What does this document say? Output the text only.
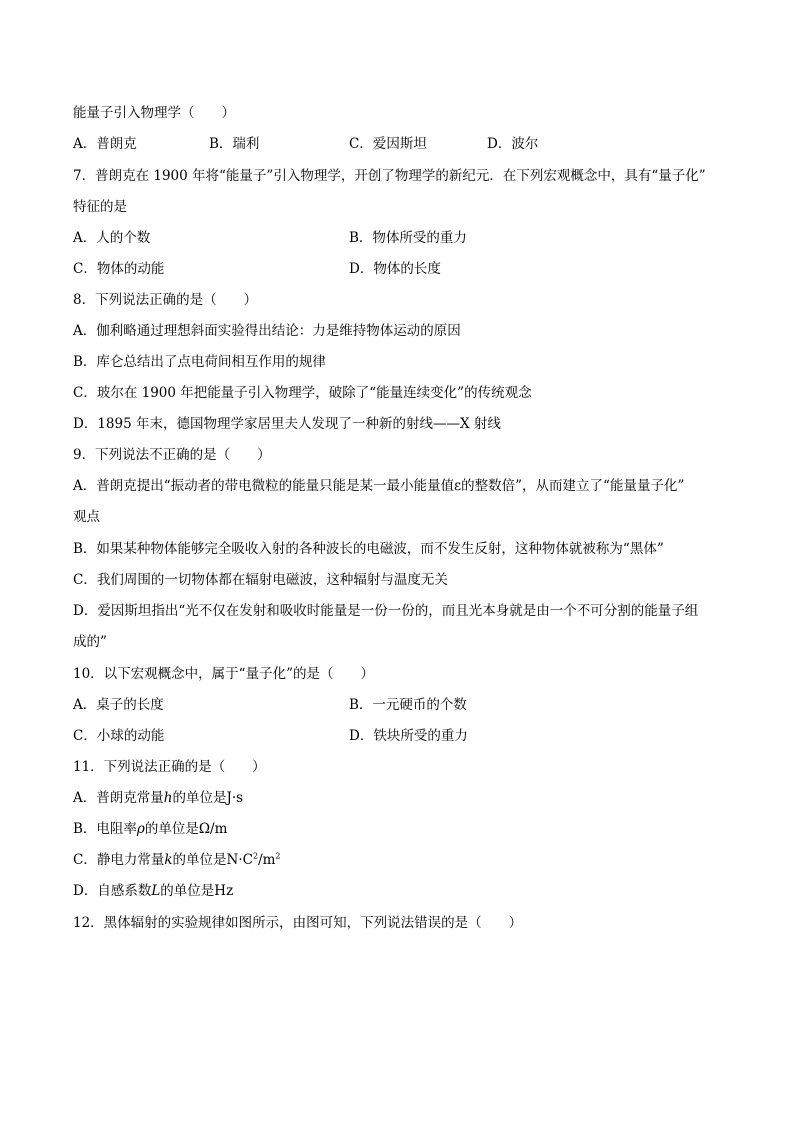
能量子引入物理学（　　）
A．普朗克	B．瑞利	C．爱因斯坦	D．波尔
7．普朗克在 1900 年将“能量子”引入物理学，开创了物理学的新纪元．在下列宏观概念中，具有“量子化”
特征的是
A．人的个数	B．物体所受的重力
C．物体的动能	D．物体的长度
8．下列说法正确的是（　　）
A．伽利略通过理想斜面实验得出结论：力是维持物体运动的原因
B．库仑总结出了点电荷间相互作用的规律
C．玻尔在 1900 年把能量子引入物理学，破除了“能量连续变化”的传统观念
D．1895 年末，德国物理学家居里夫人发现了一种新的射线——X 射线
9．下列说法不正确的是（　　）
A．普朗克提出“振动者的带电微粒的能量只能是某一最小能量值ε的整数倍”，从而建立了“能量量子化”
观点
B．如果某种物体能够完全吸收入射的各种波长的电磁波，而不发生反射，这种物体就被称为“黑体”
C．我们周围的一切物体都在辐射电磁波，这种辐射与温度无关
D．爱因斯坦指出“光不仅在发射和吸收时能量是一份一份的，而且光本身就是由一个不可分割的能量子组
成的”
10．以下宏观概念中，属于“量子化”的是（　　）
A．桌子的长度	B．一元硬币的个数
C．小球的动能	D．铁块所受的重力
11．下列说法正确的是（　　）
A．普朗克常量h的单位是J·s
B．电阻率ρ的单位是Ω/m
C．静电力常量k的单位是$N\cdot C^2/m^2$
D．自感系数L的单位是Hz
12．黑体辐射的实验规律如图所示，由图可知，下列说法错误的是（　　）
